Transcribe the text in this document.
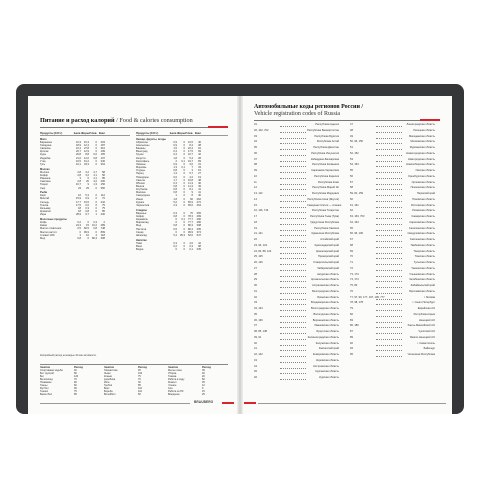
Питание и расход калорий / Food & calories consumption
Продукты (100 г)	Белк. Жиры Углев. Ккал
Мясо
Баранина	16,3	15,3	0	203
Говядина	18,9	12,4	0	187
Свинина	16,4	27,8	0	316
Кролик	20,7	12,9	0	199
Куры	20,8	8,8	0,6	165
Индейка	21,6	12,0	0,8	197
Утка	16,5	61,2	0	346
Гусь	16,1	33,3	0	364
Молоко
Молоко	2,8	3,2	4,7	58
Кефир	2,8	3,2	4,1	56
Ряженка	3	6	4,1	85
Сметана	2,8	20	3,2	206
Творог	16,7	9	1,3	156
Сыр	23	29	0	350
Рыба
Карп	16	5,3	0	112
Минтай	15,9	0,9	0	72
Сельдь	17,7	19,5	0	242
Треска	17,5	0,6	0	75
Кальмар	18	0,3	0	75
Креветки	18	0,8	0	85
Икра	28,9	9,7	1	230
Молочные продукты
Кофе	0,2	0	0,3	2
Какао	24,3	15	10,2	289
Масло сливочное	0,5	82,5	0,8	748
Масло растит.	0	99,9	0	899
Сливки 10%	3	10	4	118
Мед	0,8	0	80,3	308
Продукты (100 г)	Белк. Жиры Углев. Ккал
Овощи, фрукты, ягоды
Абрикосы	0,9	0	10,5	46
Апельсины	0,9	0	8,4	38
Бананы	1,5	0	22,4	91
Виноград	0,4	0	17,5	69
Груши	0,4	0	10,7	42
Капуста	1,8	0	5,4	28
Картофель	2	0,1	19,7	83
Лимоны	0,9	0	3,6	31
Морковь	1,3	0,1	7	33
Огурцы	0,8	0	3	15
Перец	1,3	0	5,7	27
Помидоры	0,6	0	4,2	19
Свекла	1,7	0	10,8	48
Яблоки	0,4	0	11,3	46
Вишня	0,8	0	11,3	49
Клубника	0,8	0	8,1	41
Малина	0,8	0	9	41
Смородина	1	0	8	40
Изюм	1,8	0	66	262
Курага	5,2	0	65,9	272
Чернослив	2,3	0	65,6	264
Сладкое
Варенье	0,3	0	70	265
Зефир	0,8	0	78,3	299
Карамель	0	0,1	77,7	296
Мармелад	0	0	77,7	296
Мед	0,8	0	80,3	308
Пастила	0,5	0	80,4	305
Сахар	0	0	99,9	374
Шоколад	5,4	35,3	52,6	547
Напитки
Пиво	0,3	0	4,6	42
Вино	0,2	0	0,3	68
Водка	0	0	0,1	235
Калорийный расход на каждые 10 мин активности.
Занятие	Расход
Спортивная ходьба	40
Бег трусцой	80
Бег	120
Велосипед	70
Плавание	90
Танцы	60
Футбол	90
Теннис	75
Баскетбол	85
Занятие	Расход
Гимнастика	45
Лыжи	100
Коньки	75
Аэробика	70
Йога	30
Гребля	85
Бокс	110
Борьба	110
Волейбол	50
Занятие	Расход
Мытье окон	35
Уборка	40
Глажка	20
Работа в саду	60
Ремонт	45
Чтение	12
Сон	9
Работа за ПК	15
Вождение	25
BRAUBERG
Автомобильные коды регионов России /
Vehicle registration codes of Russia
01	Республика Адыгея
02, 102, 702	Республика Башкортостан
03	Республика Бурятия
04	Республика Алтай
05	Республика Дагестан
06	Республика Ингушетия
07	Кабардино-Балкарская
08	Республика Калмыкия
09	Карачаево-Черкесская
10	Республика Карелия
11	Республика Коми
12	Республика Марий Эл
13, 113	Республика Мордовия
14	Республика Саха (Якутия)
15	Северная Осетия — Алания
16, 116, 716	Республика Татарстан
17	Республика Тыва (Тува)
18	Удмуртская Республика
19	Республика Хакасия
21, 121	Чувашская Республика
22	Алтайский край
23, 93, 123	Краснодарский край
24, 84, 88, 124	Красноярский край
25, 125	Приморский край
26, 126	Ставропольский край
27	Хабаровский край
28	Амурская область
29	Архангельская область
30	Астраханская область
31	Белгородская область
32	Брянская область
33	Владимирская область
34, 134	Волгоградская область
35	Вологодская область
36, 136	Воронежская область
37	Ивановская область
38, 85, 138	Иркутская область
39, 91	Калининградская область
40	Калужская область
41	Камчатский край
42, 142	Кемеровская область
43	Кировская область
44	Костромская область
45	Курганская область
46	Курская область
47	Ленинградская область
48	Липецкая область
49	Магаданская область
50, 90, 150	Московская область
51	Мурманская область
52, 152	Нижегородская область
53	Новгородская область
54, 154	Новосибирская область
55	Омская область
56	Оренбургская область
57	Орловская область
58	Пензенская область
59, 81, 159	Пермский край
60	Псковская область
61, 161	Ростовская область
62	Рязанская область
63, 163, 763	Самарская область
64, 164	Саратовская область
65	Сахалинская область
66, 96, 196	Свердловская область
67	Смоленская область
68	Тамбовская область
69	Тверская область
70	Томская область
71	Тульская область
72	Тюменская область
73, 173	Ульяновская область
74, 174	Челябинская область
75, 80	Забайкальский край
76	Ярославская область
77, 97, 99, 177, 197, 199, 777	г. Москва
78, 98, 178	г. Санкт-Петербург
79	Еврейская АО
82	Республика Крым
83	Ненецкий АО
86, 186	Ханты-Мансийский АО
87	Чукотский АО
89	Ямало-Ненецкий АО
92	г. Севастополь
94	Байконур
95	Чеченская Республика
